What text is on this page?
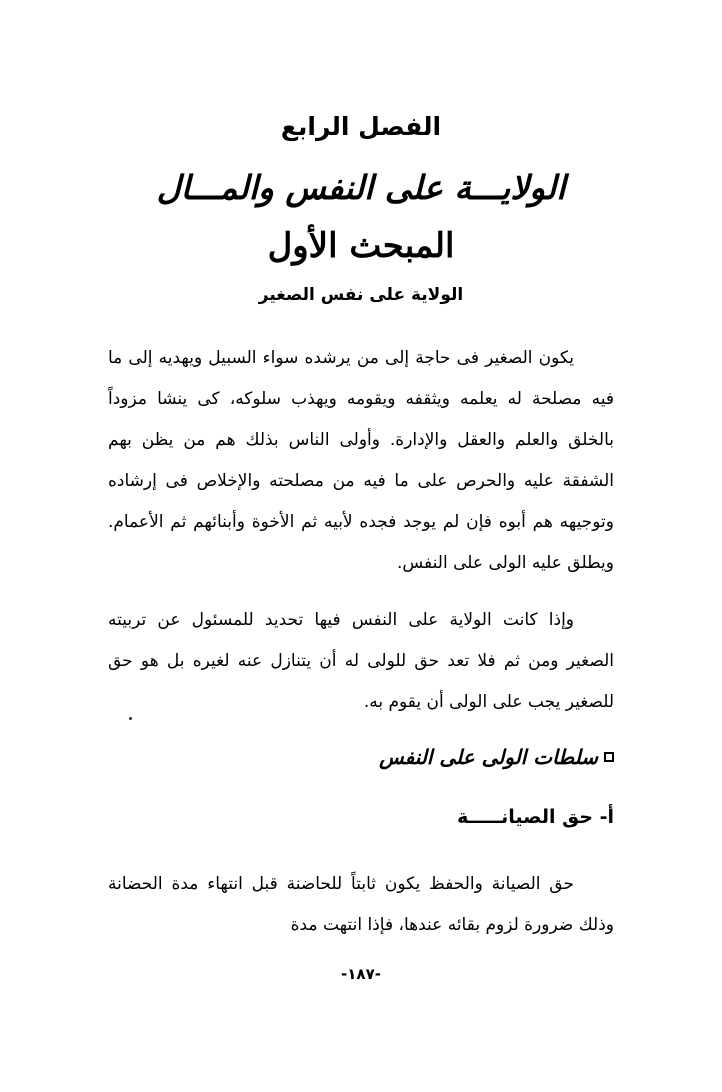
الفصل الرابع
الولايـــة على النفس والمـــال
المبحث الأول
الولاية على نفس الصغير

يكون الصغير فى حاجة إلى من يرشده سواء السبيل ويهديه إلى ما فيه مصلحة له يعلمه ويثقفه ويقومه ويهذب سلوكه، كى ينشا مزوداً بالخلق والعلم والعقل والإدارة. وأولى الناس بذلك هم من يظن بهم الشفقة عليه والحرص على ما فيه من مصلحته والإخلاص فى إرشاده وتوجيهه هم أبوه فإن لم يوجد فجده لأبيه ثم الأخوة وأبنائهم ثم الأعمام. ويطلق عليه الولى على النفس.

وإذا كانت الولاية على النفس فيها تحديد للمسئول عن تربيته الصغير ومن ثم فلا تعد حق للولى له أن يتنازل عنه لغيره بل هو حق للصغير يجب على الولى أن يقوم به.

سلطات الولى على النفس
أ- حق الصيانـــــة

حق الصيانة والحفظ يكون ثابتاً للحاضنة قبل انتهاء مدة الحضانة وذلك ضرورة لزوم بقائه عندها، فإذا انتهت مدة

-١٨٧-
